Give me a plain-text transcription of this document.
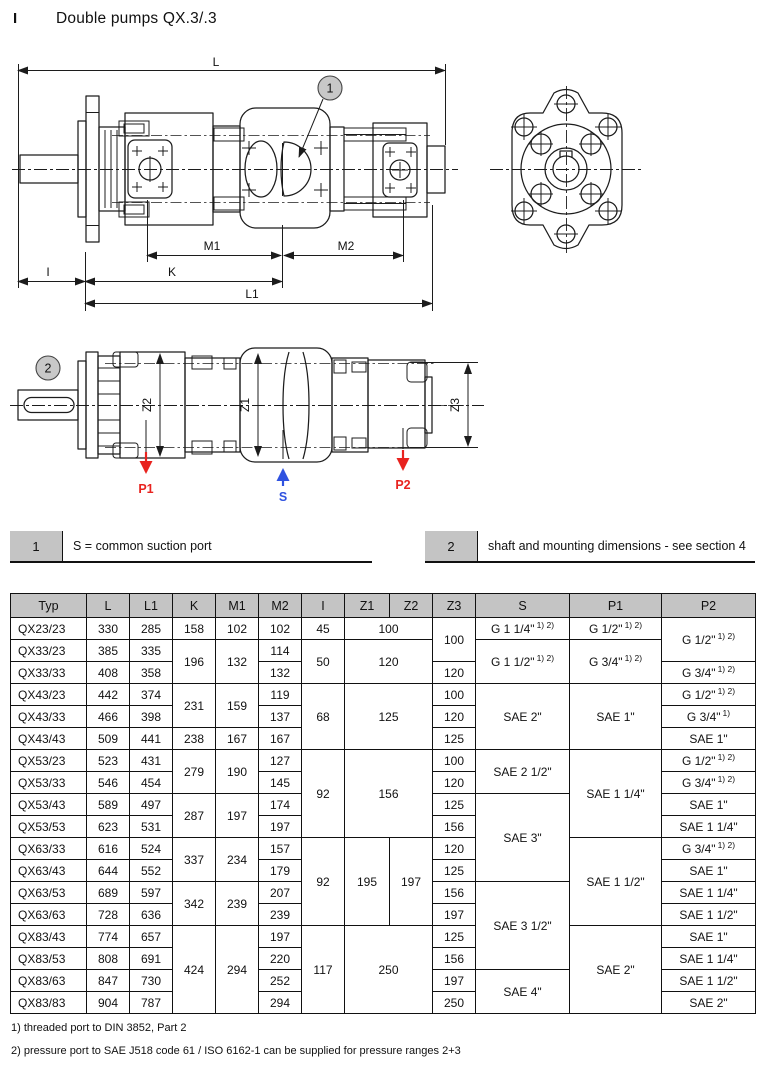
I	Double pumps QX.3/.3
L
M1	M2
I	K
L1
1
2
Z2	Z1	Z3
P1
S
P2
1	S = common suction port	2	shaft and mounting dimensions - see section 4
Typ	L	L1	K	M1	M2	I	Z1	Z2	Z3	S	P1	P2
QX23/23	330	285	158	102	102	45	100		100	G 1 1/4" $^{1) 2)}$	G 1/2" $^{1) 2)}$	G 1/2" $^{1) 2)}$
QX33/23	385	335	196	132	114	50	120			G 1 1/2" $^{1) 2)}$	G 3/4" $^{1) 2)}$
QX33/33	408	358			132				120			G 3/4" $^{1) 2)}$
QX43/23	442	374	231	159	119	68	125		100	SAE 2"	SAE 1"	G 1/2" $^{1) 2)}$
QX43/33	466	398			137				120			G 3/4" $^{1)}$
QX43/43	509	441	238	167	167				125			SAE 1"
QX53/23	523	431	279	190	127	92	156		100	SAE 2 1/2"	SAE 1 1/4"	G 1/2" $^{1) 2)}$
QX53/33	546	454			145				120			G 3/4" $^{1) 2)}$
QX53/43	589	497	287	197	174				125	SAE 3"		SAE 1"
QX53/53	623	531			197				156			SAE 1 1/4"
QX63/33	616	524	337	234	157	92	195	197	120		SAE 1 1/2"	G 3/4" $^{1) 2)}$
QX63/43	644	552			179				125			SAE 1"
QX63/53	689	597	342	239	207				156	SAE 3 1/2"		SAE 1 1/4"
QX63/63	728	636			239				197			SAE 1 1/2"
QX83/43	774	657	424	294	197	117	250		125		SAE 2"	SAE 1"
QX83/53	808	691			220				156			SAE 1 1/4"
QX83/63	847	730			252				197	SAE 4"		SAE 1 1/2"
QX83/83	904	787			294				250			SAE 2"
1) threaded port to DIN 3852, Part 2
2) pressure port to SAE J518 code 61 / ISO 6162-1 can be supplied for pressure ranges 2+3
